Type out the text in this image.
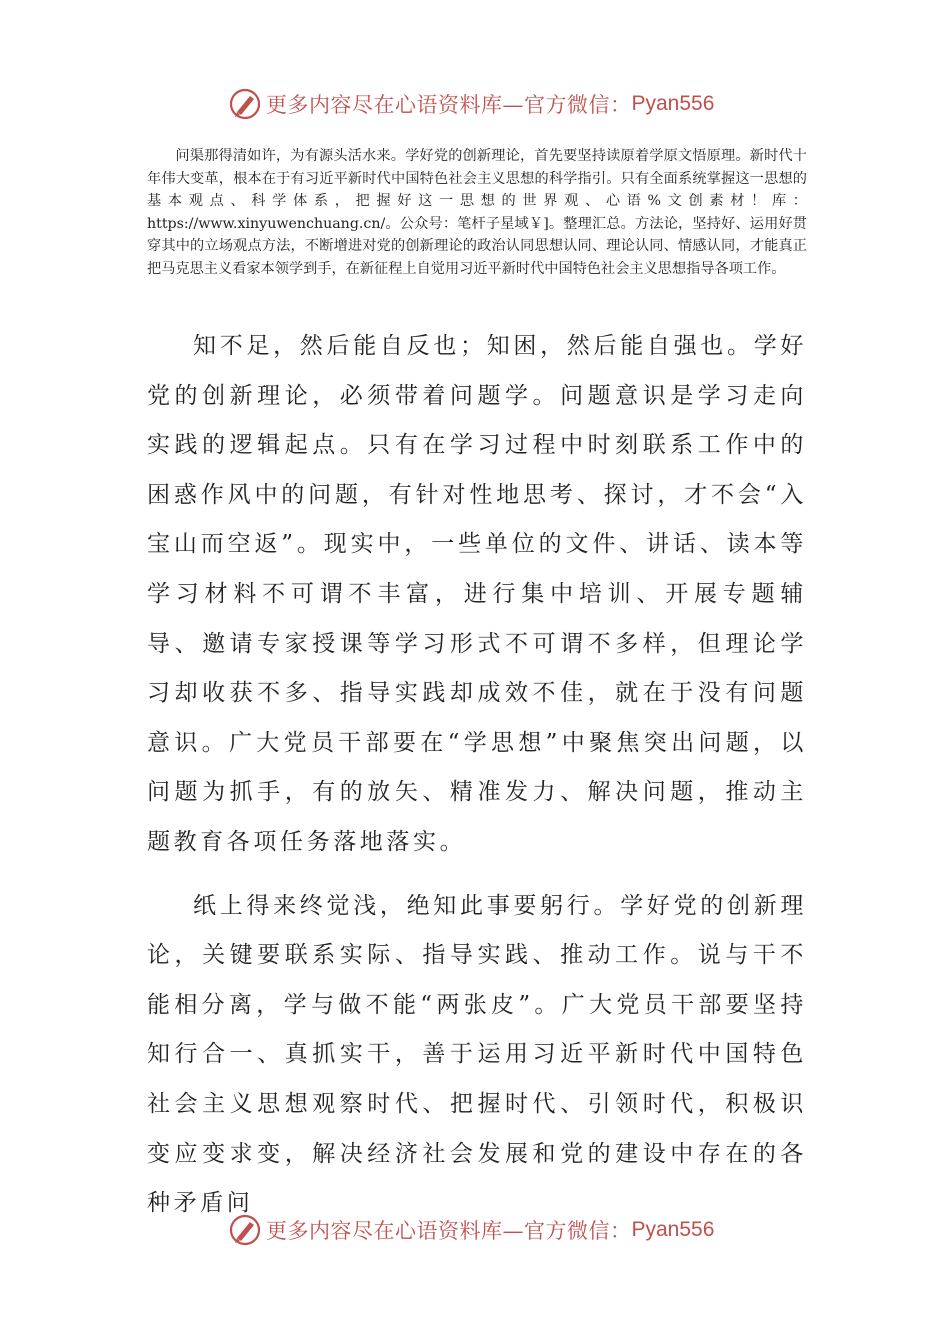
更多内容尽在心语资料库—官方微信： Pyan556

问渠那得清如许，为有源头活水来。学好党的创新理论，首先要坚持读原着学原文悟原理。新时代十年伟大变革，根本在于有习近平新时代中国特色社会主义思想的科学指引。只有全面系统掌握这一思想的基本观点、科学体系，把握好这一思想的世界观、心语%文创素材！库：https://www.xinyuwenchuang.cn/。公众号：笔杆子星域￥]。整理汇总。方法论，坚持好、运用好贯穿其中的立场观点方法，不断增进对党的创新理论的政治认同思想认同、理论认同、情感认同，才能真正把马克思主义看家本领学到手，在新征程上自觉用习近平新时代中国特色社会主义思想指导各项工作。

知不足，然后能自反也；知困，然后能自强也。学好党的创新理论，必须带着问题学。问题意识是学习走向实践的逻辑起点。只有在学习过程中时刻联系工作中的困惑作风中的问题，有针对性地思考、探讨，才不会“入宝山而空返”。现实中，一些单位的文件、讲话、读本等学习材料不可谓不丰富，进行集中培训、开展专题辅导、邀请专家授课等学习形式不可谓不多样，但理论学习却收获不多、指导实践却成效不佳，就在于没有问题意识。广大党员干部要在“学思想”中聚焦突出问题，以问题为抓手，有的放矢、精准发力、解决问题，推动主题教育各项任务落地落实。

纸上得来终觉浅，绝知此事要躬行。学好党的创新理论，关键要联系实际、指导实践、推动工作。说与干不能相分离，学与做不能“两张皮”。广大党员干部要坚持知行合一、真抓实干，善于运用习近平新时代中国特色社会主义思想观察时代、把握时代、引领时代，积极识变应变求变，解决经济社会发展和党的建设中存在的各种矛盾问

更多内容尽在心语资料库—官方微信： Pyan556
